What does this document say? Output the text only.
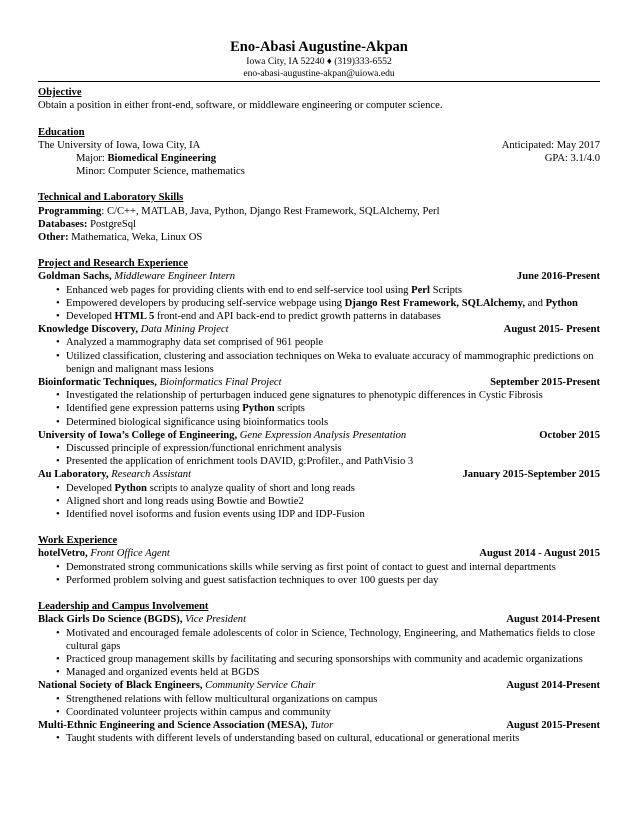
Eno-Abasi Augustine-Akpan
Iowa City, IA 52240 ♦ (319)333-6552
eno-abasi-augustine-akpan@uiowa.edu
Objective
Obtain a position in either front-end, software, or middleware engineering or computer science.
Education
The University of Iowa, Iowa City, IA	Anticipated: May 2017
Major: Biomedical Engineering	GPA: 3.1/4.0
Minor: Computer Science, mathematics
Technical and Laboratory Skills
Programming: C/C++, MATLAB, Java, Python, Django Rest Framework, SQLAlchemy, Perl
Databases: PostgreSql
Other: Mathematica, Weka, Linux OS
Project and Research Experience
Goldman Sachs, Middleware Engineer Intern	June 2016-Present
• Enhanced web pages for providing clients with end to end self-service tool using Perl Scripts
• Empowered developers by producing self-service webpage using Django Rest Framework, SQLAlchemy, and Python
• Developed HTML 5 front-end and API back-end to predict growth patterns in databases
Knowledge Discovery, Data Mining Project	August 2015- Present
• Analyzed a mammography data set comprised of 961 people
• Utilized classification, clustering and association techniques on Weka to evaluate accuracy of mammographic predictions on benign and malignant mass lesions
Bioinformatic Techniques, Bioinformatics Final Project	September 2015-Present
• Investigated the relationship of perturbagen induced gene signatures to phenotypic differences in Cystic Fibrosis
• Identified gene expression patterns using Python scripts
• Determined biological significance using bioinformatics tools
University of Iowa’s College of Engineering, Gene Expression Analysis Presentation	October 2015
• Discussed principle of expression/functional enrichment analysis
• Presented the application of enrichment tools DAVID, g:Profiler., and PathVisio 3
Au Laboratory, Research Assistant	January 2015-September 2015
• Developed Python scripts to analyze quality of short and long reads
• Aligned short and long reads using Bowtie and Bowtie2
• Identified novel isoforms and fusion events using IDP and IDP-Fusion
Work Experience
hotelVetro, Front Office Agent	August 2014 - August 2015
• Demonstrated strong communications skills while serving as first point of contact to guest and internal departments
• Performed problem solving and guest satisfaction techniques to over 100 guests per day
Leadership and Campus Involvement
Black Girls Do Science (BGDS), Vice President	August 2014-Present
• Motivated and encouraged female adolescents of color in Science, Technology, Engineering, and Mathematics fields to close cultural gaps
• Practiced group management skills by facilitating and securing sponsorships with community and academic organizations
• Managed and organized events held at BGDS
National Society of Black Engineers, Community Service Chair	August 2014-Present
• Strengthened relations with fellow multicultural organizations on campus
• Coordinated volunteer projects within campus and community
Multi-Ethnic Engineering and Science Association (MESA), Tutor	August 2015-Present
• Taught students with different levels of understanding based on cultural, educational or generational merits
